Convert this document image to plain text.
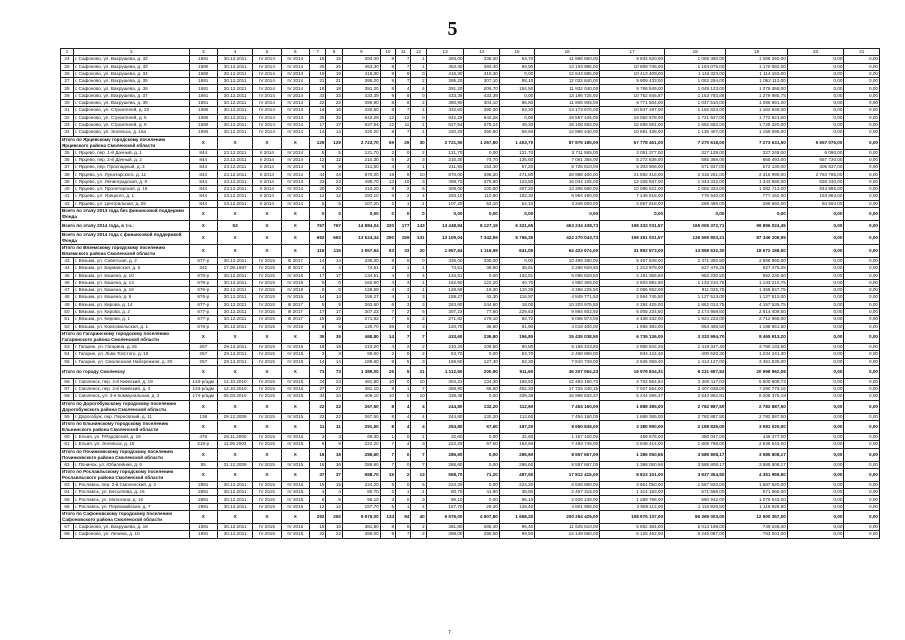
5
1	2	3	4	5	6	7	8	9	10	11	12	13	14	15	16	17	18	19	20	21
24	г. Сафоново, ул. Вахрушева, д. 32	1691	30.12.2011	IV 2014	IV 2014	15	15	393,00	8	7	1	393,00	338,30	54,70	11 966 850,00	9 834 520,00	1 056 380,00	1 056 250,00	0,00	0,00
25	г. Сафоново, ул. Вахрушева, д. 33	1690	30.12.2011	IV 2014	IV 2014	25	25	453,30	8	7	1	453,30	383,40	69,90	13 193 985,00	10 859 736,00	1 164 075,00	1 170 082,00	0,00	0,00
26	г. Сафоново, ул. Вахрушева, д. 34	1690	30.12.2011	IV 2014	IV 2014	19	19	415,30	8	8	0	415,30	415,30	0,00	12 643 885,00	10 413 409,00	1 116 323,00	1 114 153,00	0,00	0,00
27	г. Сафоново, ул. Вахрушева, д. 35	1691	30.12.2011	IV 2014	IV 2014	21	21	395,20	9	7	2	395,20	307,10	88,10	12 033 840,00	9 909 433,00	1 062 294,00	1 062 113,00	0,00	0,00
28	г. Сафоново, ул. Вахрушева, д. 36	1691	30.12.2011	IV 2014	IV 2014	18	18	391,20	8	4	4	391,20	206,70	184,50	11 932 040,00	9 786 549,00	1 049 123,00	1 076 368,00	0,00	0,00
29	г. Сафоново, ул. Вахрушева, д. 37	1691	30.12.2011	IV 2014	IV 2014	33	33	433,39	9	9	0	433,39	433,39	0,00	13 196 725,50	10 762 945,87	1 153 793,88	1 279 985,75	0,00	0,00
30	г. Сафоново, ул. Вахрушева, д. 39	1691	30.12.2011	IV 2014	IV 2014	22	22	390,90	8	6	2	390,90	304,10	86,80	11 905 905,00	9 771 504,00	1 047 510,00	1 086 891,00	0,00	0,00
31	г. Сафоново, ул. Строителей, д. 20	1690	30.12.2011	IV 2014	IV 2014	16	16	432,60	8	7	1	432,60	380,30	52,30	13 172 670,00	10 847 197,00	1 162 823,00	1 162 648,00	0,00	0,00
32	г. Сафоново, ул. Строителей, д. 5	1690	30.12.2011	IV 2014	IV 2014	25	25	642,28	12	12	0	642,28	642,28	0,00	19 557 426,00	16 062 678,00	1 721 927,00	1 772 821,00	0,00	0,00
33	г. Сафоново, ул. Строителей, д. 9	1690	30.12.2011	IV 2014	IV 2014	17	17	627,54	12	11	1	627,54	578,24	49,30	19 108 593,00	15 696 591,00	1 682 682,00	1 729 320,00	0,00	0,00
34	г. Сафоново, ул. Энгельса, д. 16а	1690	30.12.2011	IV 2014	IV 2014	14	14	420,20	8	7	1	420,20	360,60	59,60	12 886 440,00	10 591 438,00	1 135 407,00	1 159 595,00	0,00	0,00
Итого по Ярцевскому городскому поселению Ярцевского района Смоленской области		X	X	X	X	129	129	2 723,70	59	29	30	2 721,50	1 267,80	1 453,70	87 979 185,00	67 778 461,00	7 270 618,00	7 273 631,50	5 657 075,00	0,00
35	г. Ярцево, пер. 1-й Дачный, д. 1	844	23.12.2011	II 2014	IV 2014	5	5	121,70	2	0	2	121,70	0,00	121,70	3 711 555,00	3 051 377,00	327 139,00	327 249,00	6 090,00	0,00
36	г. Ярцево, пер. 2-й Дачный, д. 2	844	23.12.2011	II 2014	IV 2014	12	12	210,30	5	2	3	210,30	74,70	135,60	7 061 355,00	5 272 836,00	565 368,00	565 493,00	657 720,00	0,00
37	г. Ярцево, пер. Прохладный, д. 3	844	23.12.2011	II 2014	IV 2014	8	8	211,50	4	3	1	211,50	154,30	57,20	6 725 810,00	5 303 906,00	571 937,00	572 130,00	306 837,00	0,00
38	г. Ярцево, ул. Луначарского, д. 11	844	23.12.2011	II 2014	IV 2014	44	44	870,00	19	9	10	870,00	398,20	471,80	28 988 400,00	21 592 418,00	2 315 251,00	2 315 999,00	2 764 786,00	0,00
39	г. Ярцево, ул. Ленинградская, д. 9	844	23.12.2011	II 2014	IV 2014	23	23	499,70	13	10	3	499,70	375,90	123,80	16 044 105,00	12 328 947,00	1 343 332,00	1 343 686,00	828 240,00	0,00
40	г. Ярцево, ул. Пролетарская, д. 19	844	23.12.2011	II 2014	IV 2014	20	20	410,20	8	2	6	409,00	100,80	307,20	13 305 680,00	10 095 621,00	1 082 334,00	1 082 713,00	844 985,00	0,00
41	г. Ярцево, ул. Урицкого, д. 1	844	23.12.2011	II 2014	IV 2014	12	12	293,10	6	2	4	293,10	110,80	182,30	8 964 480,00	7 246 515,00	776 940,00	777 162,00	163 863,00	0,00
42	г. Ярцево, ул. Центральная, д. 29	844	23.12.2011	II 2014	IV 2014	5	5	107,20	2	1	1	107,20	53,10	54,10	3 349 500,00	2 687 818,00	288 496,00	288 592,00	84 594,00	0,00
Всего по этапу 2013 года без финансовой поддержки Фонда		X	X	X	X	0	0	0,00	0	0	0	0,00	0,00	0,00	0,00	0,00	0,00	0,00	0,00	0,00
Всего по этапу 2014 года, в т.ч.:		X	53	X	X	767	767	14 884,04	320	177	143	14 448,84	8 127,19	6 321,65	463 234 438,73	198 333 031,57	165 005 372,71	99 896 024,45	0,00	0,00
Всего по этапу 2014 года с финансовой поддержкой Фонда		X	X	X	X	692	692	13 524,34	290	159	131	13 109,04	7 342,69	5 766,35	422 270 043,73	198 351 031,57	136 599 803,21	87 346 209,95	0,00	0,00
Итого по Вяземскому городскому поселению Вяземского района Смоленской области		X	X	X	X	116	116	1 957,64	53	33	20	1 957,64	1 116,59	841,05	64 423 674,00	31 892 873,00	13 858 632,30	18 672 168,50	0,00	0,00
43	г. Вязьма, ул. Советская, д. 2	677-р	30.12.2011	IV 2015	III 2017	14	14	335,00	8	8	0	335,00	335,00	0,00	10 499 260,00	5 457 649,00	2 371 350,50	2 668 960,50	0,00	0,00
44	г. Вязьма, ул. Бауманская, д. 5	342	17.09.1987	IV 2015	III 2017	4	4	74,51	2	1	1	74,51	38,60	35,91	2 268 829,50	1 213 979,00	527 475,25	527 475,25	0,00	0,00
45	г. Вязьма, ул. Кашена, д. 10	676-р	30.12.2011	IV 2015	IV 2016	17	17	134,51	4	0	4	134,51	0,00	134,51	6 095 829,50	2 191 365,50	952 230,50	952 230,50	0,00	0,00
46	г. Вязьма, ул. Кашена, д. 14	676-р	30.12.2011	IV 2015	IV 2016	6	6	162,90	4	3	1	162,90	122,20	40,70	4 960 305,00	2 603 882,50	1 133 210,75	1 133 210,75	0,00	0,00
47	г. Вязьма, ул. Кашена, д. 16	676-р	30.12.2011	IV 2015	IV 2016	5	5	128,69	4	3	1	128,69	18,30	110,39	4 366 225,50	2 096 552,00	911 025,75	1 358 647,75	0,00	0,00
48	г. Вязьма, ул. Кашена, д. 8	676-р	30.12.2011	IV 2015	IV 2016	14	14	159,27	4	1	3	159,27	42,30	116,97	4 849 771,50	2 594 745,50	1 127 513,00	1 127 513,00	0,00	0,00
49	г. Вязьма, ул. Кирова, д. 14	677-р	30.12.2011	IV 2015	III 2017	9	9	263,60	6	3	3	263,60	244,60	19,00	10 203 975,50	4 284 425,00	1 862 014,75	4 157 535,75	0,00	0,00
50	г. Вязьма, ул. Кирова, д. 2	677-р	30.12.2011	IV 2015	III 2017	17	17	307,23	7	2	5	307,23	77,60	229,63	9 994 602,50	5 005 234,50	2 174 959,50	2 814 409,50	0,00	0,00
51	г. Вязьма, ул. Кирова, д. 1	677-р	30.12.2011	IV 2015	III 2017	15	15	271,82	7	5	2	271,82	179,10	92,72	9 065 574,00	4 428 332,00	1 924 233,00	2 712 968,00	0,00	0,00
52	г. Вязьма, ул. Комсомольская, д. 1	676-р	30.12.2011	IV 2015	IV 2016	8	8	120,70	36	0	3	120,70	38,80	61,90	4 019 400,00	1 966 383,00	854 465,50	1 198 551,50	0,00	0,00
Итого по Гагаринскому городскому поселению Гагаринского района Смоленской области		X	X	X	X	35	35	468,80	14	7	7	433,60	236,80	196,80	15 435 038,50	6 735 136,00	3 333 994,70	8 465 913,20	0,00	0,00
53	г. Гагарин, ул. Гагарина, д. 81	257	29.12.2011	IV 2015	IV 2015	18	18	210,20	4	2	2	210,20	109,50	80,80	8 155 423,50	2 955 942,20	1 419 347,40	3 780 133,90	0,00	0,00
54	г. Гагарин, ул. Льва Толстого, д. 16	257	29.12.2011	IV 2015	IV 2015	3	3	69,00	2	0	2	53,70	0,00	53,70	2 468 886,00	834 124,40	400 520,30	1 234 241,30	0,00	0,00
55	г. Гагарин, ул. Смоленская Набережная, д. 20	257	29.12.2011	IV 2015	IV 2015	14	14	189,60	8	5	3	169,60	127,30	62,30	7 810 729,00	2 945 069,40	1 414 127,00	3 451 536,00	0,00	0,00
Итого по городу Смоленску		X	X	X	X	73	73	1 389,00	26	5	21	1 112,50	200,90	911,60	46 207 064,23	16 979 834,31	8 231 687,84	20 998 962,08	0,00	0,00
56	г. Смоленск, пер. 2-й Киевский, д. 19	143-р/адм	14.10.2010	IV 2015	IV 2015	24	24	481,80	10	0	10	304,22	134,30	169,92	12 483 190,70	4 702 864,94	2 280 117,03	5 500 608,73	0,00	0,00
57	г. Смоленск, пер. 2-й Киевский, д. 3	143-р/адм	14.10.2010	IV 2015	IV 2015	27	27	481,10	8	1	7	468,90	66,60	402,30	17 725 240,16	7 027 554,00	3 407 038,00	7 290 776,16	0,00	0,00
58	г. Смоленск, ул. 3-я Коммунальная, д. 2	174-р/адм	05.03.2010	IV 2015	IV 2015	34	34	409,10	10	0	10	339,38	0,00	339,38	15 998 633,37	5 244 395,37	2 543 862,81	8 208 375,19	0,00	0,00
Итого по Дорогобужскому городскому поселению Дорогобужского района Смоленской области		X	X	X	X	22	22	267,50	8	4	4	244,80	132,20	112,60	7 454 160,00	1 888 385,00	2 782 887,50	2 782 887,50	0,00	0,00
59	г. Дорогобуж, пер. Пересвский, д. 11	138	29.12.2009	IV 2015	IV 2015	22	22	267,50	8	4	4	244,80	132,20	112,60	7 454 160,00	1 888 385,00	2 782 887,50	2 782 887,50	0,00	0,00
Итого по Ельнинскому городскому поселению Ельнинского района Смоленской области		X	X	X	X	11	11	291,50	8	4	4	254,80	67,60	187,20	8 650 845,00	3 380 990,00	2 188 835,00	3 081 020,00	0,00	0,00
60	г. Ельня, ул. Р.Радовской, д. 19	476	28.11.2000	IV 2015	IV 2015	3	3	69,30	1	0	1	32,60	0,00	32,60	1 157 100,00	459 676,00	380 047,00	446 477,00	0,00	0,00
61	г. Ельня, ул. Энгельса, д. 18	218-р	11.06.2003	IV 2015	IV 2015	8	8	222,20	7	4	3	222,20	67,60	154,60	7 493 745,00	2 948 414,00	1 808 788,00	2 636 543,00	0,00	0,00
Итого по Починковскому городскому поселению Починковского района Смоленской области		X	X	X	X	16	16	286,60	7	0	7	286,60	0,00	286,60	8 557 667,00	1 386 050,66	3 585 808,17	3 585 808,17	0,00	0,00
62	г. Починок, ул. Юбилейная, д. 6	55	31.12.2009	IV 2015	IV 2015	16	16	286,60	7	0	7	286,60	0,00	286,60	8 557 667,00	1 386 050,66	3 585 808,17	3 585 808,17	0,00	0,00
Итого по Рославльскому городскому поселению Рославльского района Смоленской области		X	X	X	X	37	37	558,70	15	2	13	558,70	71,20	487,50	17 812 415,00	8 823 101,00	3 837 354,50	4 351 959,50	0,00	0,00
63	г. Рославль, пер. 2-й Смоленский, д. 2	2891	30.12.2011	IV 2015	IV 2015	15	15	224,20	5	0	5	224,20	0,00	224,20	6 826 890,00	3 651 050,00	1 587 920,00	1 587 920,00	0,00	0,00
64	г. Рославль, ул. Бесселева, д. 16	2891	30.12.2011	IV 2015	IV 2015	4	4	80,70	2	1	1	80,70	41,90	38,80	2 457 315,00	1 314 183,00	571 566,00	571 566,00	0,00	0,00
65	г. Рославль, ул. Матюгина, д. 16	2891	30.12.2011	IV 2015	IV 2015	6	6	96,10	3	0	3	96,10	0,00	96,10	2 926 245,00	1 289 796,00	560 942,00	1 075 543,00	0,00	0,00
66	г. Рославль, ул. Первомайская, д. 7	2891	30.12.2011	IV 2015	IV 2015	12	12	157,70	5	1	4	157,70	29,30	128,40	4 801 965,00	2 568 112,00	1 116 926,50	1 116 926,50	0,00	0,00
Итого по Сафоновскому городскому поселению Сафоновского района Смоленской области		X	X	X	X	292	292	6 576,00	134	94	40	6 576,00	4 907,80	1 668,20	200 254 425,00	108 975 137,00	86 369 003,00	12 900 357,00	0,00	0,00
67	г. Сафоново, ул. Вахрушева, д. 18	1691	30.12.2011	IV 2015	IV 2015	15	15	381,80	8	6	2	381,80	285,40	96,40	11 625 810,00	5 862 364,00	5 014 198,00	749 248,00	0,00	0,00
68	г. Сафоново, ул. Ленина, д. 10	1691	30.12.2011	IV 2015	IV 2015	22	22	399,00	9	7	2	399,00	299,50	99,50	12 149 550,00	6 126 462,00	5 240 087,00	783 001,00	0,00	0,00
7
